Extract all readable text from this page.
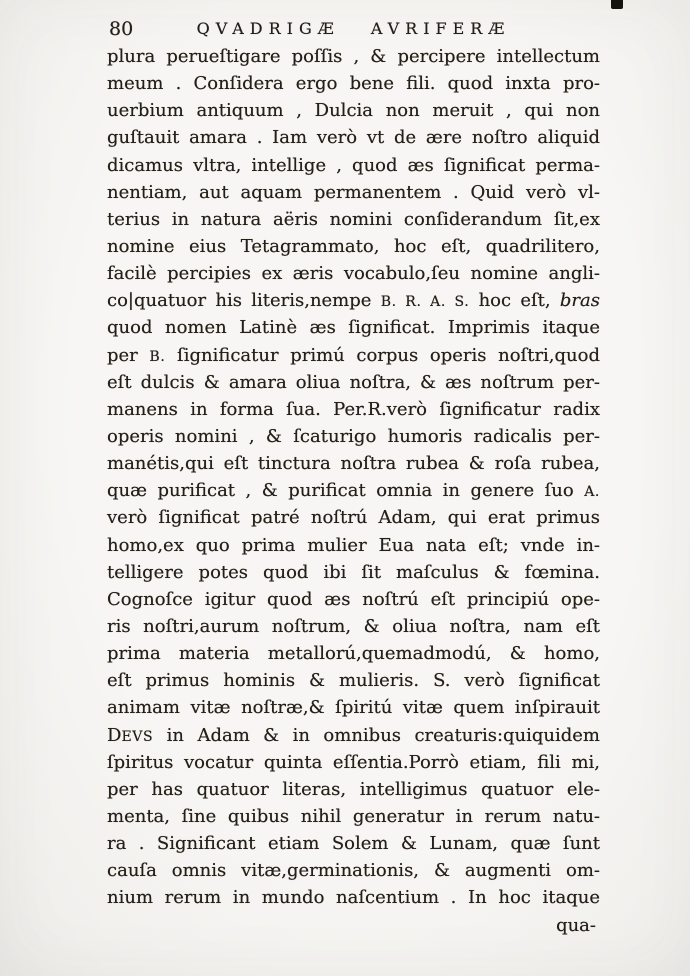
80	QVADRIGÆ AVRIFERÆ
plura perueſtigare poſſis , & percipere intellectum
meum . Conſidera ergo bene fili. quod inxta pro-
uerbium antiquum , Dulcia non meruit , qui non
guſtauit amara . Iam verò vt de ære noſtro aliquid
dicamus vltra, intellige , quod æs ſignificat perma-
nentiam, aut aquam permanentem . Quid verò vl-
terius in natura aëris nomini conſiderandum ſit,ex
nomine eius Tetagrammato, hoc eſt, quadrilitero,
facilè percipies ex æris vocabulo,ſeu nomine angli-
co|quatuor his literis,nempe B. R. A. S. hoc eſt, bras
quod nomen Latinè æs ſignificat. Imprimis itaque
per B. ſignificatur primú corpus operis noſtri,quod
eſt dulcis & amara oliua noſtra, & æs noſtrum per-
manens in forma ſua. Per.R.verò ſignificatur radix
operis nomini , & ſcaturigo humoris radicalis per-
manétis,qui eſt tinctura noſtra rubea & roſa rubea,
quæ purificat , & purificat omnia in genere ſuo A.
verò ſignificat patré noſtrú Adam, qui erat primus
homo,ex quo prima mulier Eua nata eſt; vnde in-
telligere potes quod ibi ſit maſculus & fœmina.
Cognoſce igitur quod æs noſtrú eſt principiú ope-
ris noſtri,aurum noſtrum, & oliua noſtra, nam eſt
prima materia metallorú,quemadmodú, & homo,
eſt primus hominis & mulieris. S. verò ſignificat
animam vitæ noſtræ,& ſpiritú vitæ quem inſpirauit
DEVS in Adam & in omnibus creaturis:quiquidem
ſpiritus vocatur quinta eſſentia.Porrò etiam, fili mi,
per has quatuor literas, intelligimus quatuor ele-
menta, ſine quibus nihil generatur in rerum natu-
ra . Significant etiam Solem & Lunam, quæ ſunt
cauſa omnis vitæ,germinationis, & augmenti om-
nium rerum in mundo naſcentium . In hoc itaque
qua-
